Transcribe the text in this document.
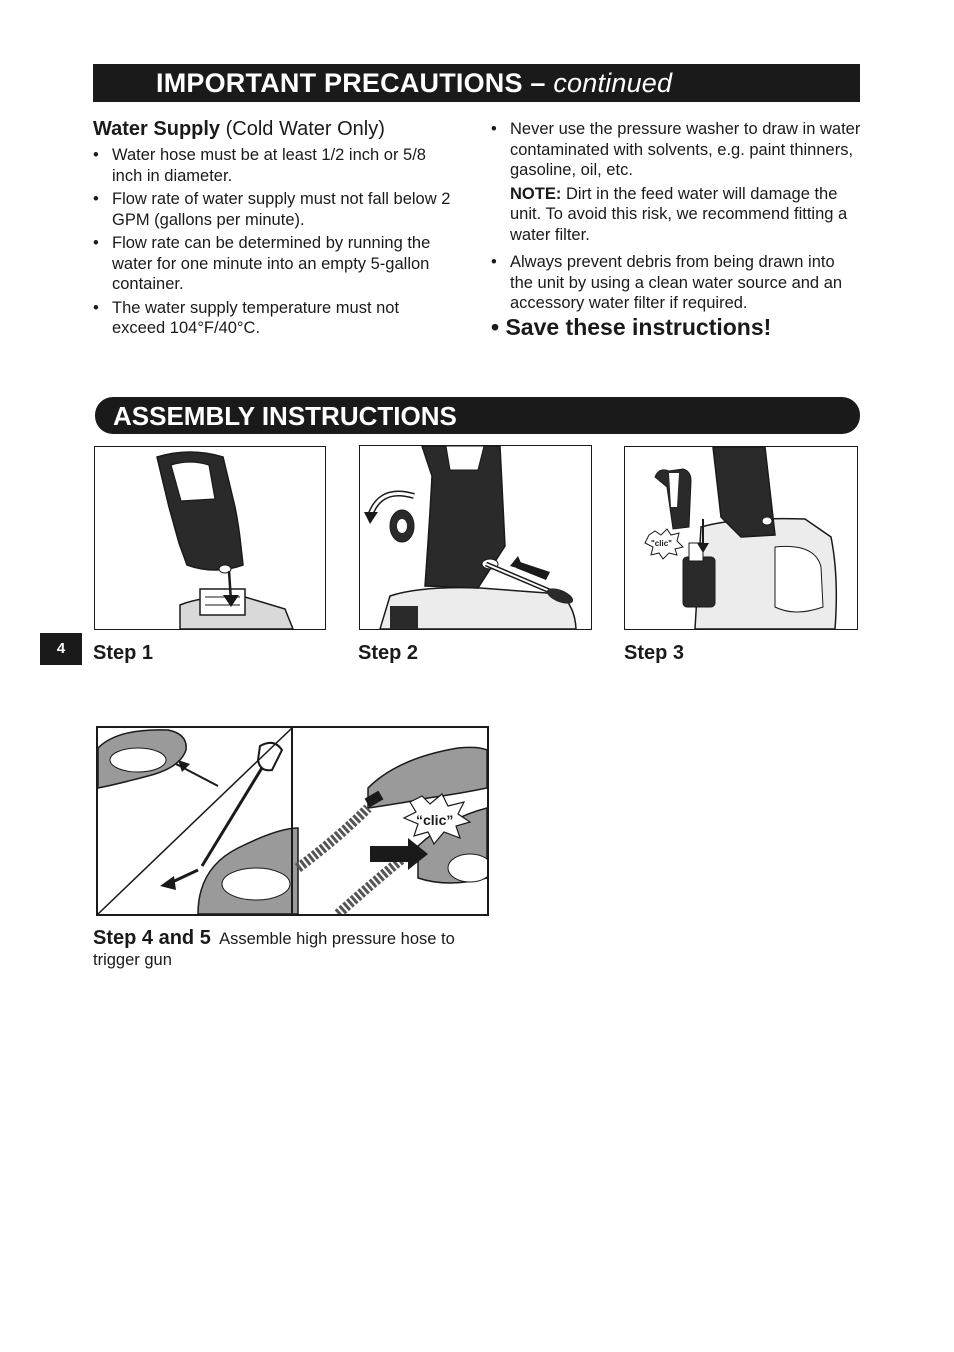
IMPORTANT PRECAUTIONS – continued
Water Supply (Cold Water Only)
• Water hose must be at least 1/2 inch or 5/8 inch in diameter.
• Flow rate of water supply must not fall below 2 GPM (gallons per minute).
• Flow rate can be determined by running the water for one minute into an empty 5-gallon container.
• The water supply temperature must not exceed 104°F/40°C.
• Never use the pressure washer to draw in water contaminated with solvents, e.g. paint thinners, gasoline, oil, etc.
NOTE: Dirt in the feed water will damage the unit. To avoid this risk, we recommend fitting a water filter.
• Always prevent debris from being drawn into the unit by using a clean water source and an accessory water filter if required.
• Save these instructions!
ASSEMBLY INSTRUCTIONS
"clic"
Step 1	Step 2	Step 3
4
“clic”
Step 4 and 5 Assemble high pressure hose to trigger gun
